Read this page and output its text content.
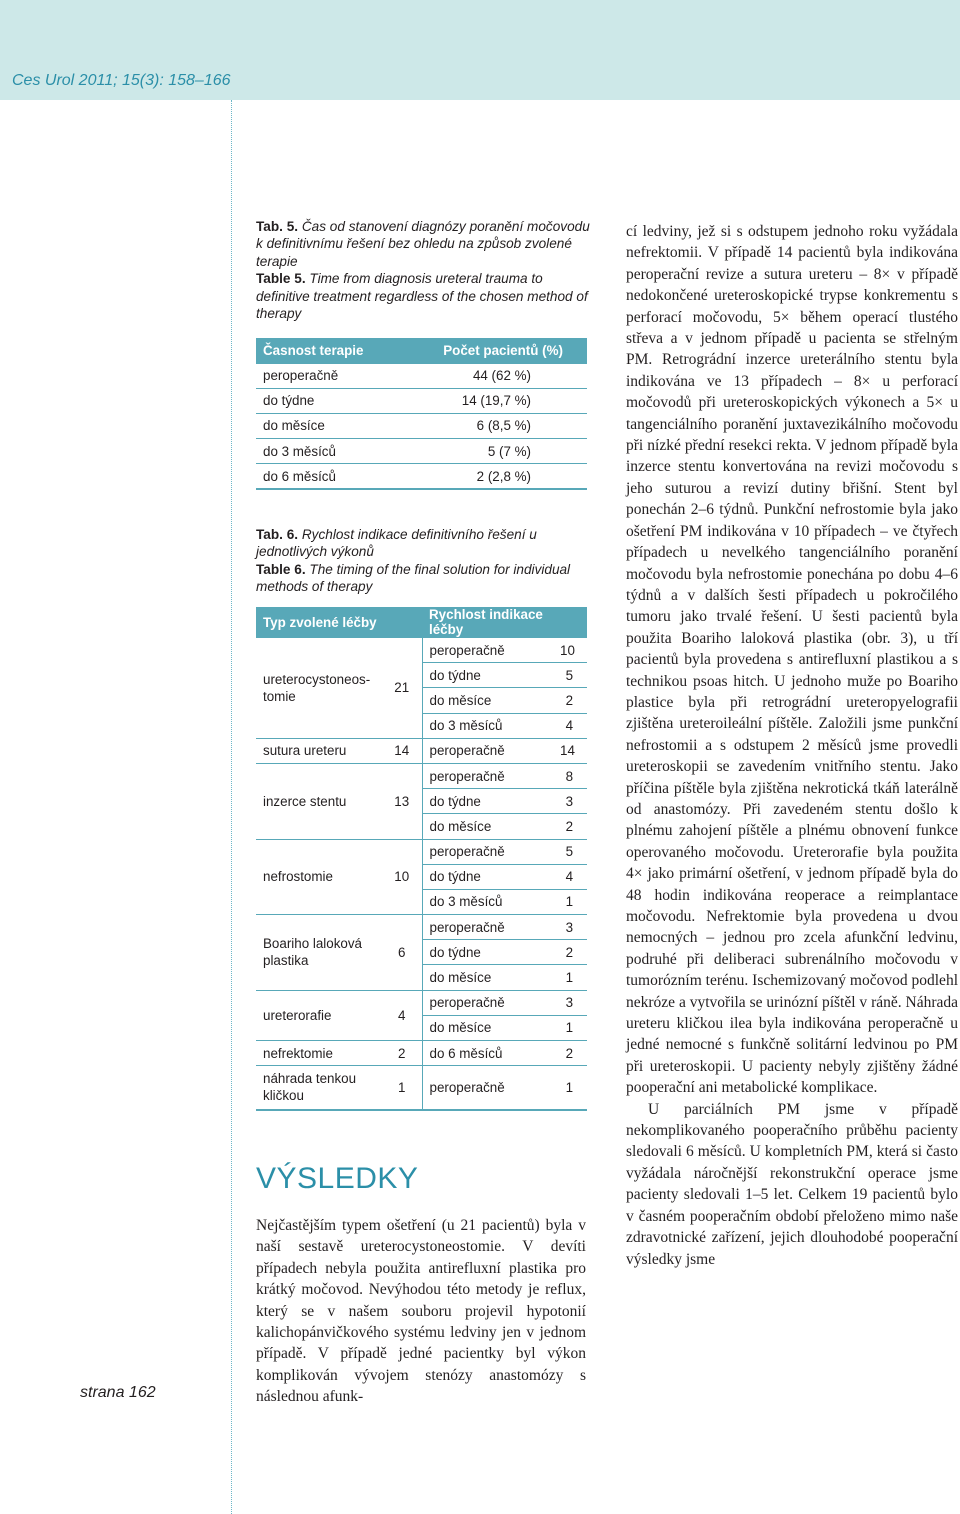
Ces Urol 2011; 15(3): 158–166
strana 162
Tab. 5. Čas od stanovení diagnózy poranění močovodu k definitivnímu řešení bez ohledu na způsob zvolené terapie
Table 5. Time from diagnosis ureteral trauma to definitive treatment regardless of the chosen method of therapy
Časnost terapie	Počet pacientů (%)
peroperačně	44 (62 %)
do týdne	14 (19,7 %)
do měsíce	6 (8,5 %)
do 3 měsíců	5 (7 %)
do 6 měsíců	2 (2,8 %)
Tab. 6. Rychlost indikace definitivního řešení u jednotlivých výkonů
Table 6. The timing of the final solution for individual methods of therapy
Typ zvolené léčby		Rychlost indikace léčby	
ureterocystoneos-tomie	21	peroperačně	10
		do týdne	5
		do měsíce	2
		do 3 měsíců	4
sutura ureteru	14	peroperačně	14
inzerce stentu	13	peroperačně	8
		do týdne	3
		do měsíce	2
nefrostomie	10	peroperačně	5
		do týdne	4
		do 3 měsíců	1
Boariho laloková plastika	6	peroperačně	3
		do týdne	2
		do měsíce	1
ureterorafie	4	peroperačně	3
		do měsíce	1
nefrektomie	2	do 6 měsíců	2
náhrada tenkou kličkou	1	peroperačně	1
VÝSLEDKY

Nejčastějším typem ošetření (u 21 pacientů) byla v naší sestavě ureterocystoneostomie. V devíti případech nebyla použita antirefluxní plastika pro krátký močovod. Nevýhodou této metody je reflux, který se v našem souboru projevil hypotonií kalichopánvičkového systému ledviny jen v jednom případě. V případě jedné pacientky byl výkon komplikován vývojem stenózy anastomózy s následnou afunk-

cí ledviny, jež si s odstupem jednoho roku vyžádala nefrektomii. V případě 14 pacientů byla indikována peroperační revize a sutura ureteru – 8× v případě nedokončené ureteroskopické trypse konkrementu s perforací močovodu, 5× během operací tlustého střeva a v jednom případě u pacienta se střelným PM. Retrográdní inzerce ureterálního stentu byla indikována ve 13 případech – 8× u perforací močovodů při ureteroskopických výkonech a 5× u tangenciálního poranění juxtavezikálního močovodu při nízké přední resekci rekta. V jednom případě byla inzerce stentu konvertována na revizi močovodu s jeho suturou a revizí dutiny břišní. Stent byl ponechán 2–6 týdnů. Punkční nefrostomie byla jako ošetření PM indikována v 10 případech – ve čtyřech případech u nevelkého tangenciálního poranění močovodu byla nefrostomie ponechána po dobu 4–6 týdnů a v dalších šesti případech u pokročilého tumoru jako trvalé řešení. U šesti pacientů byla použita Boariho laloková plastika (obr. 3), u tří pacientů byla provedena s antirefluxní plastikou a s technikou psoas hitch. U jednoho muže po Boariho plastice byla při retrográdní ureteropyelografii zjištěna ureteroileální píštěle. Založili jsme punkční nefrostomii a s odstupem 2 měsíců jsme provedli ureteroskopii se zavedením vnitřního stentu. Jako příčina píštěle byla zjištěna nekrotická tkáň laterálně od anastomózy. Při zavedeném stentu došlo k plnému zahojení píštěle a plnému obnovení funkce operovaného močovodu. Ureterorafie byla použita 4× jako primární ošetření, v jednom případě byla do 48 hodin indikována reoperace a reimplantace močovodu. Nefrektomie byla provedena u dvou nemocných – jednou pro zcela afunkční ledvinu, podruhé při deliberaci subrenálního močovodu v tumorózním terénu. Ischemizovaný močovod podlehl nekróze a vytvořila se urinózní píštěl v ráně. Náhrada ureteru kličkou ilea byla indikována peroperačně u jedné nemocné s funkčně solitární ledvinou po PM při ureteroskopii. U pacienty nebyly zjištěny žádné pooperační ani metabolické komplikace.

U parciálních PM jsme v případě nekomplikovaného pooperačního průběhu pacienty sledovali 6 měsíců. U kompletních PM, která si často vyžádala náročnější rekonstrukční operace jsme pacienty sledovali 1–5 let. Celkem 19 pacientů bylo v časném pooperačním období přeloženo mimo naše zdravotnické zařízení, jejich dlouhodobé pooperační výsledky jsme
